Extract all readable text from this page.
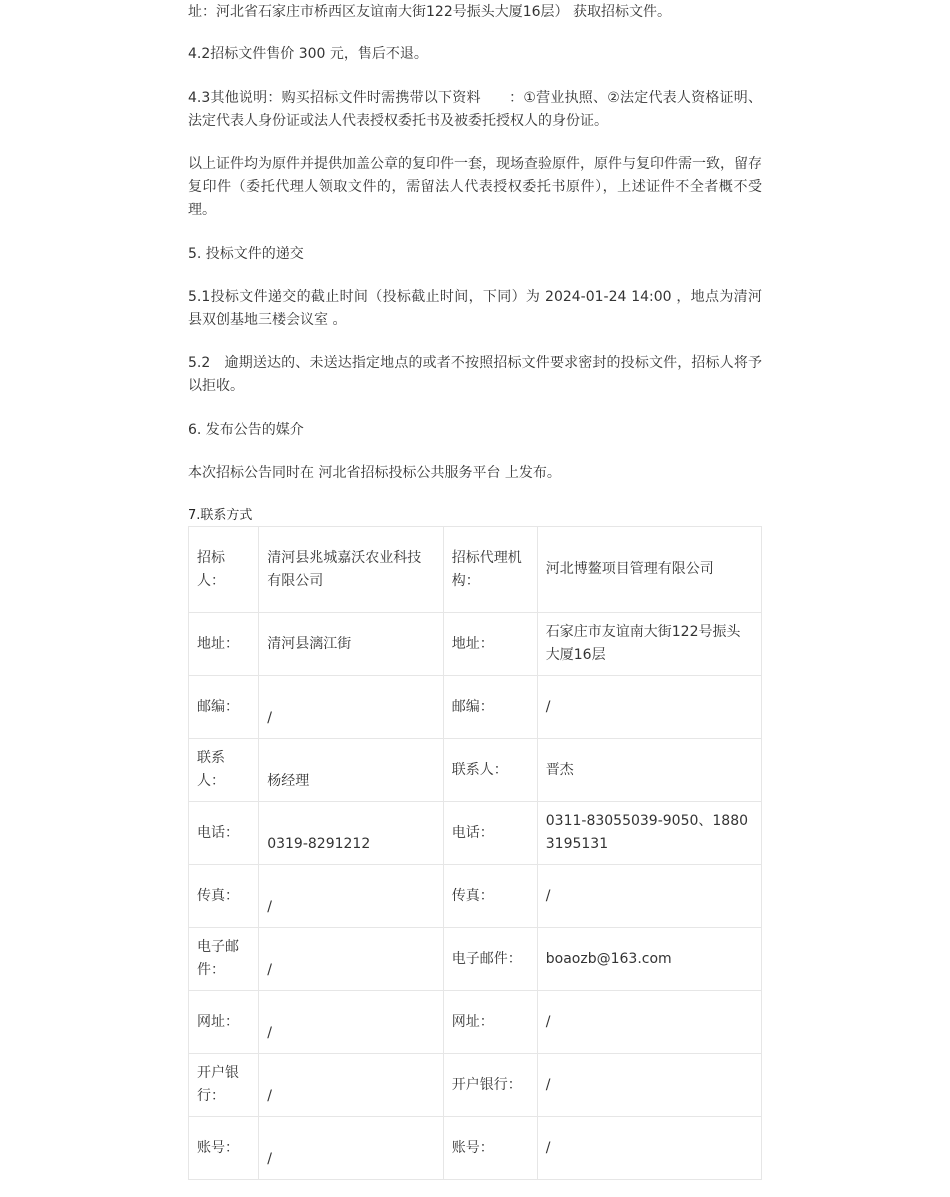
址：河北省石家庄市桥西区友谊南大街122号振头大厦16层） 获取招标文件。

4.2招标文件售价 300 元，售后不退。

4.3其他说明：购买招标文件时需携带以下资料　　：①营业执照、②法定代表人资格证明、法定代表人身份证或法人代表授权委托书及被委托授权人的身份证。

以上证件均为原件并提供加盖公章的复印件一套，现场查验原件，原件与复印件需一致，留存复印件（委托代理人领取文件的，需留法人代表授权委托书原件），上述证件不全者概不受理。

5. 投标文件的递交

5.1投标文件递交的截止时间（投标截止时间，下同）为 2024-01-24 14:00 ，地点为清河县双创基地三楼会议室 。

5.2　逾期送达的、未送达指定地点的或者不按照招标文件要求密封的投标文件，招标人将予以拒收。

6. 发布公告的媒介

本次招标公告同时在 河北省招标投标公共服务平台 上发布。

7.联系方式

招标人：	清河县兆城嘉沃农业科技有限公司	招标代理机构：	河北博鳌项目管理有限公司
地址：	清河县漓江街	地址：	石家庄市友谊南大街122号振头大厦16层
邮编：	/	邮编：	/
联系人：	杨经理	联系人：	晋杰
电话：	0319-8291212	电话：	0311-83055039-9050、18803195131
传真：	/	传真：	/
电子邮件：	/	电子邮件：	boaozb@163.com
网址：	/	网址：	/
开户银行：	/	开户银行：	/
账号：	/	账号：	/
